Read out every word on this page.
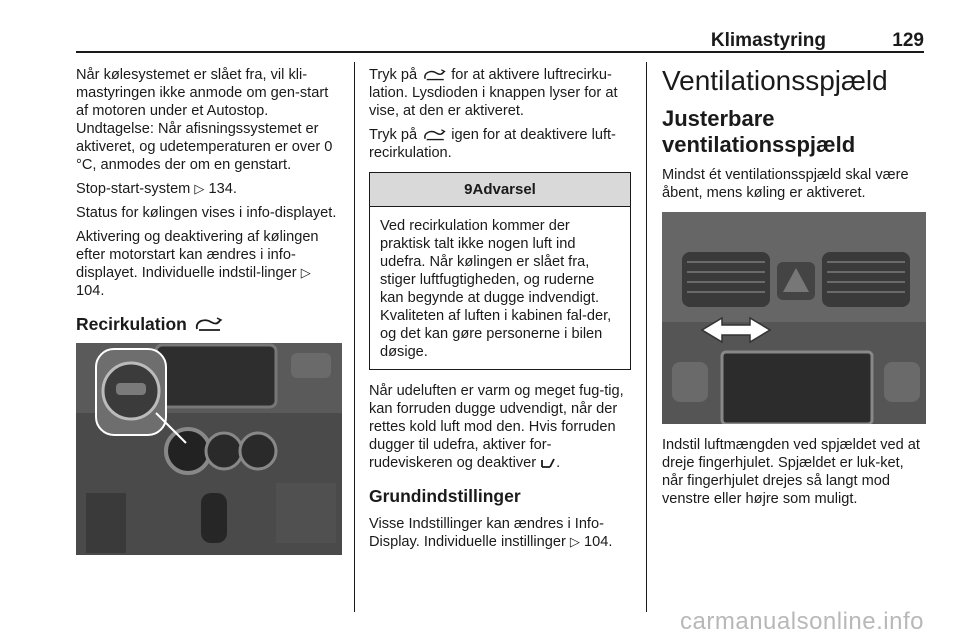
Klimastyring	129

Når kølesystemet er slået fra, vil kli-mastyringen ikke anmode om gen-start af motoren under et Autostop. Undtagelse: Når afisningssystemet er aktiveret, og udetemperaturen er over 0 °C, anmodes der om en genstart.

Stop-start-system ▷ 134.

Status for kølingen vises i info-displayet.

Aktivering og deaktivering af kølingen efter motorstart kan ændres i info-displayet. Individuelle indstil-linger ▷ 104.

Recirkulation

Tryk på for at aktivere luftrecirku-lation. Lysdioden i knappen lyser for at vise, at den er aktiveret.

Tryk på igen for at deaktivere luft-recirkulation.

9Advarsel
Ved recirkulation kommer der praktisk talt ikke nogen luft ind udefra. Når kølingen er slået fra, stiger luftfugtigheden, og ruderne kan begynde at dugge indvendigt. Kvaliteten af luften i kabinen fal-der, og det kan gøre personerne i bilen døsige.

Når udeluften er varm og meget fug-tig, kan forruden dugge udvendigt, når der rettes kold luft mod den. Hvis forruden dugger til udefra, aktiver for-rudeviskeren og deaktiver .

Grundindstillinger

Visse Indstillinger kan ændres i Info-Display. Individuelle instillinger ▷ 104.

Ventilationsspjæld
Justerbare ventilationsspjæld

Mindst ét ventilationsspjæld skal være åbent, mens køling er aktiveret.

Indstil luftmængden ved spjældet ved at dreje fingerhjulet. Spjældet er luk-ket, når fingerhjulet drejes så langt mod venstre eller højre som muligt.

carmanualsonline.info
